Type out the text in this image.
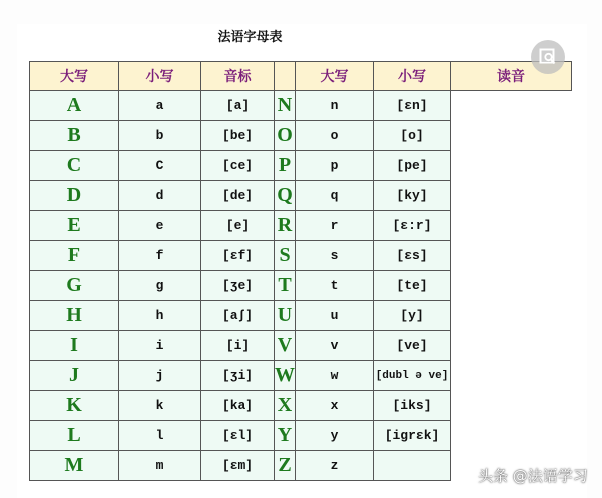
法语字母表
大写	小写	音标		大写	小写	读音
A	a	[a]	N	n	[ɛn]	
B	b	[be]	O	o	[o]	
C	C	[ce]	P	p	[pe]	
D	d	[de]	Q	q	[ky]	
E	e	[e]	R	r	[ɛ:r]	
F	f	[ɛf]	S	s	[ɛs]	
G	g	[ʒe]	T	t	[te]	
H	h	[aʃ]	U	u	[y]	
I	i	[i]	V	v	[ve]	
J	j	[ʒi]	W	w	[dubl ə ve]	
K	k	[ka]	X	x	[iks]	
L	l	[ɛl]	Y	y	[igrɛk]	
M	m	[ɛm]	Z	z		
头条 @法语学习
